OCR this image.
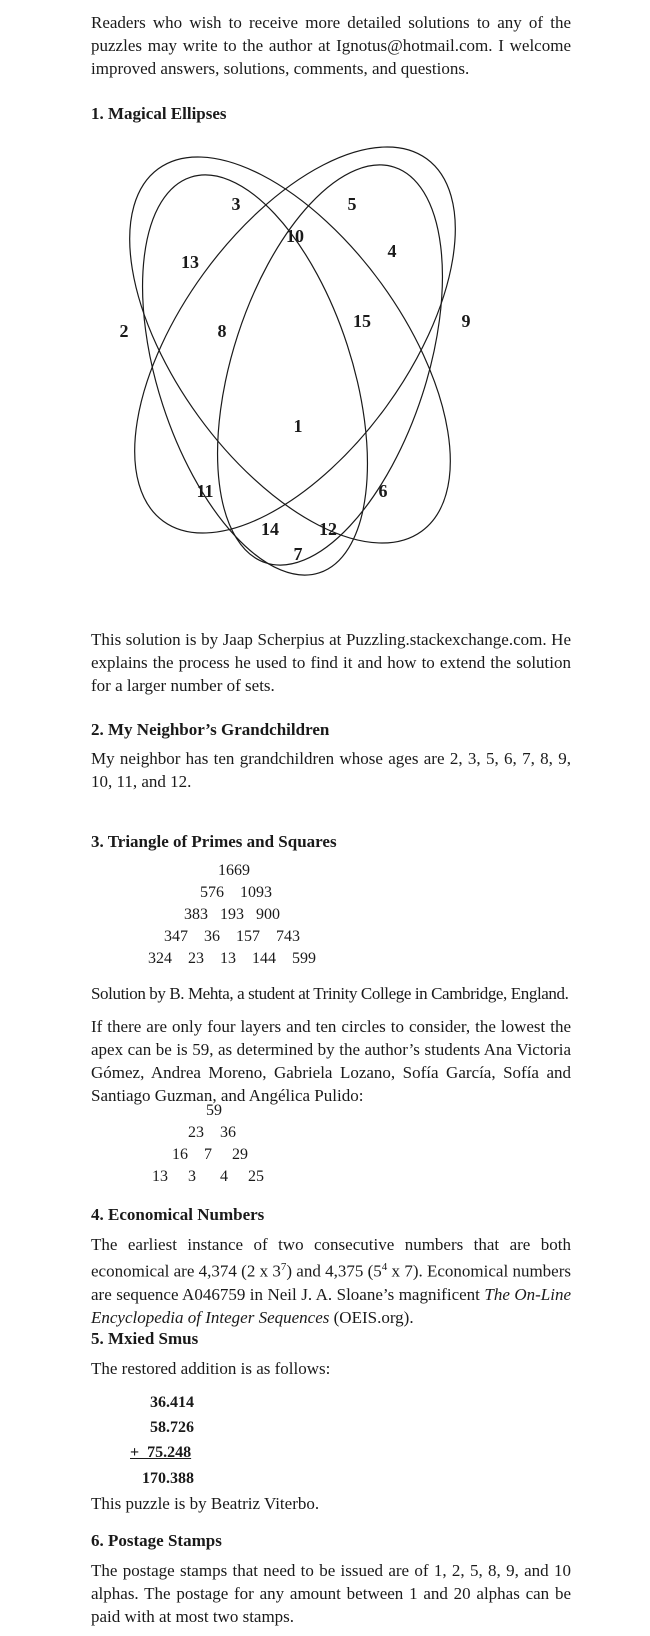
Readers who wish to receive more detailed solutions to any of the puzzles may write to the author at Ignotus@hotmail.com. I welcome improved answers, solutions, comments, and questions.
1. Magical Ellipses
2
3
13
8
10
5
4
15	9
1
11	6
14 12
7
This solution is by Jaap Scherpius at Puzzling.stackexchange.com. He explains the process he used to find it and how to extend the solution for a larger number of sets.
2. My Neighbor’s Grandchildren
My neighbor has ten grandchildren whose ages are 2, 3, 5, 6, 7, 8, 9, 10, 11, and 12.
3. Triangle of Primes and Squares
1669
576    1093
383   193   900
347    36    157    743
324    23    13    144    599
Solution by B. Mehta, a student at Trinity College in Cambridge, England.
If there are only four layers and ten circles to consider, the lowest the apex can be is 59, as determined by the author’s students Ana Victoria Gómez, Andrea Moreno, Gabriela Lozano, Sofía García, Sofía and Santiago Guzman, and Angélica Pulido:
59
23    36
16    7     29
13     3      4     25
4. Economical Numbers
The earliest instance of two consecutive numbers that are both economical are 4,374 (2 x $3^7$) and 4,375 ($5^4$ x 7). Economical numbers are sequence A046759 in Neil J. A. Sloane’s magnificent The On-Line Encyclopedia of Integer Sequences (OEIS.org).
5. Mxied Smus
The restored addition is as follows:
36.414
58.726
+  75.248
170.388
This puzzle is by Beatriz Viterbo.
6. Postage Stamps
The postage stamps that need to be issued are of 1, 2, 5, 8, 9, and 10 alphas. The postage for any amount between 1 and 20 alphas can be paid with at most two stamps.
